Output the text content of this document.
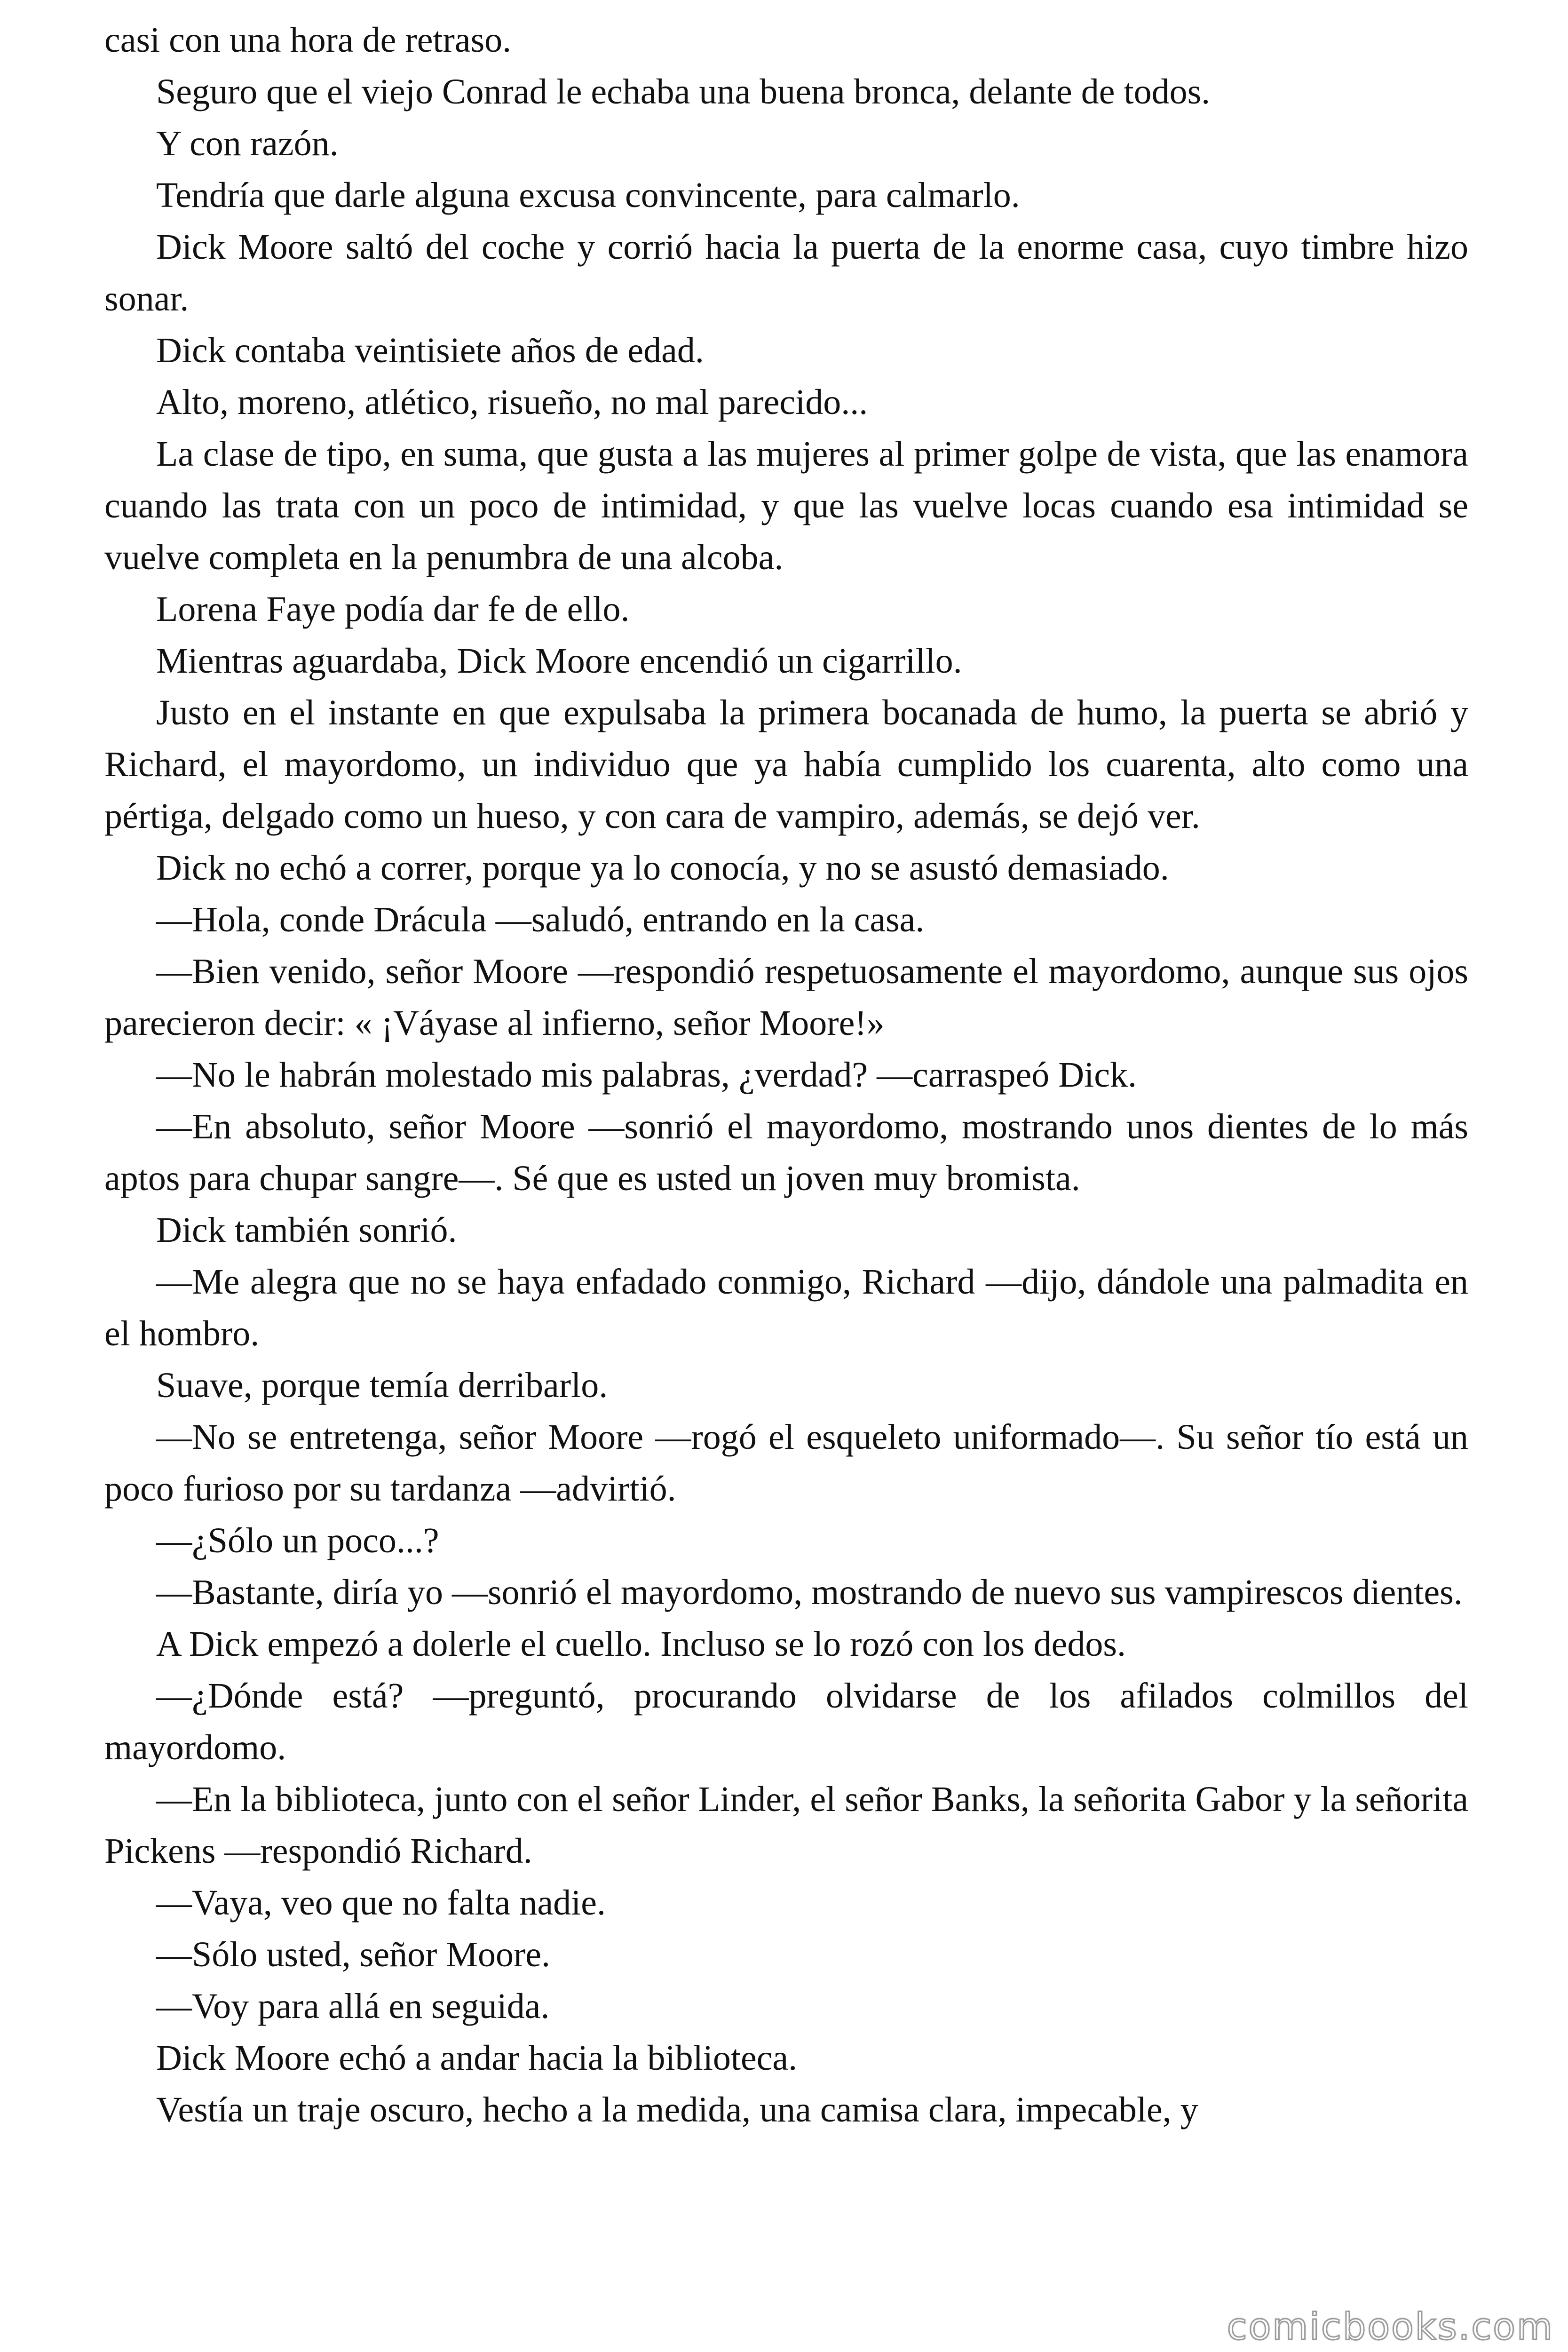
casi con una hora de retraso.

Seguro que el viejo Conrad le echaba una buena bronca, delante de todos.

Y con razón.

Tendría que darle alguna excusa convincente, para calmarlo.

Dick Moore saltó del coche y corrió hacia la puerta de la enorme casa, cuyo timbre hizo sonar.

Dick contaba veintisiete años de edad.

Alto, moreno, atlético, risueño, no mal parecido...

La clase de tipo, en suma, que gusta a las mujeres al primer golpe de vista, que las enamora cuando las trata con un poco de intimidad, y que las vuelve locas cuando esa intimidad se vuelve completa en la penumbra de una alcoba.

Lorena Faye podía dar fe de ello.

Mientras aguardaba, Dick Moore encendió un cigarrillo.

Justo en el instante en que expulsaba la primera bocanada de humo, la puerta se abrió y Richard, el mayordomo, un individuo que ya había cumplido los cuarenta, alto como una pértiga, delgado como un hueso, y con cara de vampiro, además, se dejó ver.

Dick no echó a correr, porque ya lo conocía, y no se asustó demasiado.

—Hola, conde Drácula —saludó, entrando en la casa.

—Bien venido, señor Moore —respondió respetuosamente el mayordomo, aunque sus ojos parecieron decir: « ¡Váyase al infierno, señor Moore!»

—No le habrán molestado mis palabras, ¿verdad? —carraspeó Dick.

—En absoluto, señor Moore —sonrió el mayordomo, mostrando unos dientes de lo más aptos para chupar sangre—. Sé que es usted un joven muy bromista.

Dick también sonrió.

—Me alegra que no se haya enfadado conmigo, Richard —dijo, dándole una palmadita en el hombro.

Suave, porque temía derribarlo.

—No se entretenga, señor Moore —rogó el esqueleto uniformado—. Su señor tío está un poco furioso por su tardanza —advirtió.

—¿Sólo un poco...?

—Bastante, diría yo —sonrió el mayordomo, mostrando de nuevo sus vampirescos dientes.

A Dick empezó a dolerle el cuello. Incluso se lo rozó con los dedos.

—¿Dónde está? —preguntó, procurando olvidarse de los afilados colmillos del mayordomo.

—En la biblioteca, junto con el señor Linder, el señor Banks, la señorita Gabor y la señorita Pickens —respondió Richard.

—Vaya, veo que no falta nadie.

—Sólo usted, señor Moore.

—Voy para allá en seguida.

Dick Moore echó a andar hacia la biblioteca.

Vestía un traje oscuro, hecho a la medida, una camisa clara, impecable, y

comicbooks.com
